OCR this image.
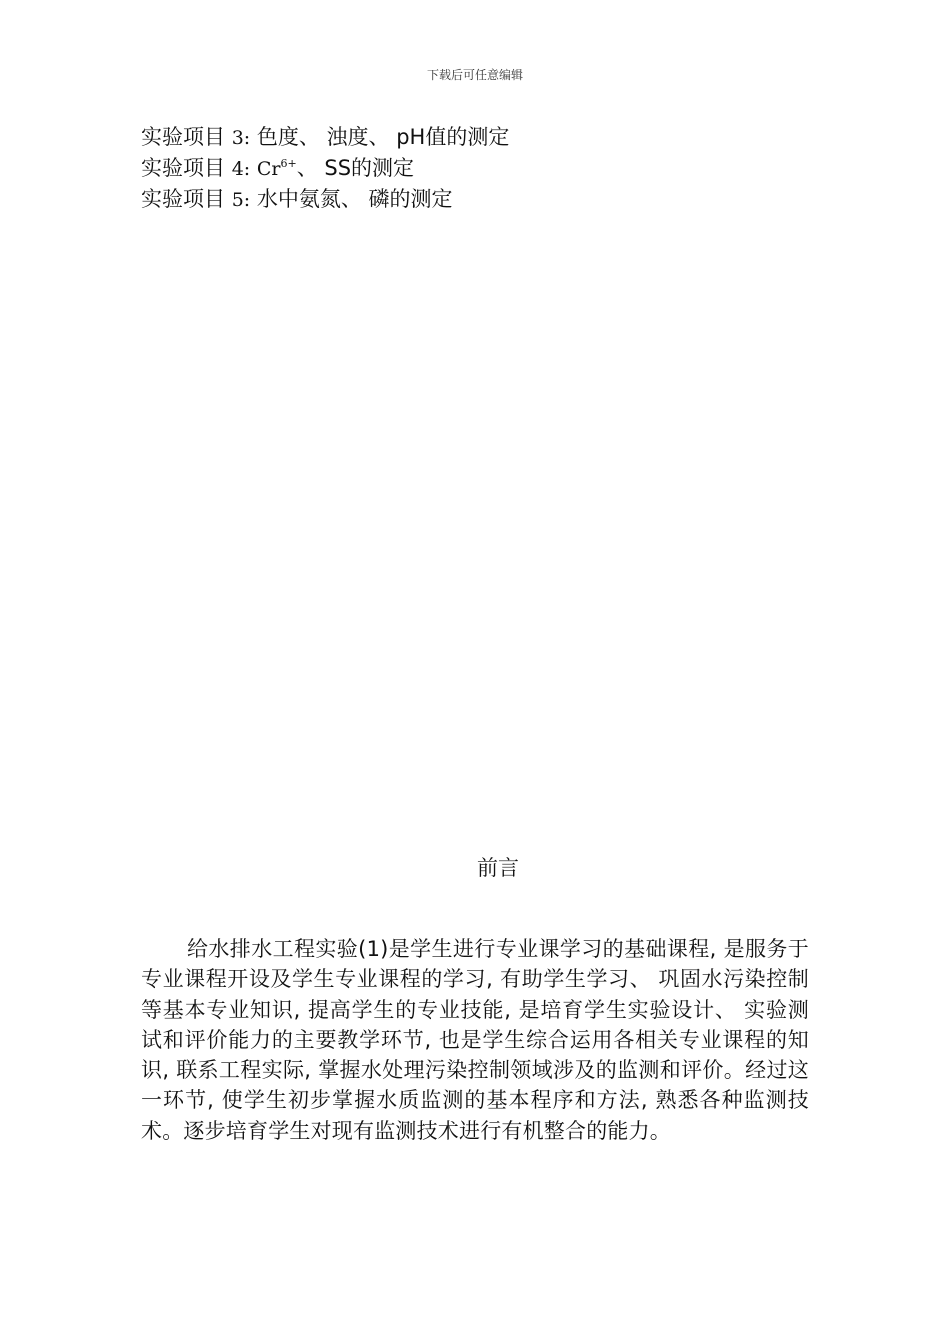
下载后可任意编辑
实验项目 3: 色度、 浊度、 pH值的测定
实验项目 4: $Cr^{6+}$、 SS的测定
实验项目 5: 水中氨氮、 磷的测定
前言
给水排水工程实验(1)是学生进行专业课学习的基础课程, 是服务于专业课程开设及学生专业课程的学习, 有助学生学习、 巩固水污染控制等基本专业知识, 提高学生的专业技能, 是培育学生实验设计、 实验测试和评价能力的主要教学环节, 也是学生综合运用各相关专业课程的知识, 联系工程实际, 掌握水处理污染控制领域涉及的监测和评价。经过这一环节, 使学生初步掌握水质监测的基本程序和方法, 熟悉各种监测技术。逐步培育学生对现有监测技术进行有机整合的能力。
